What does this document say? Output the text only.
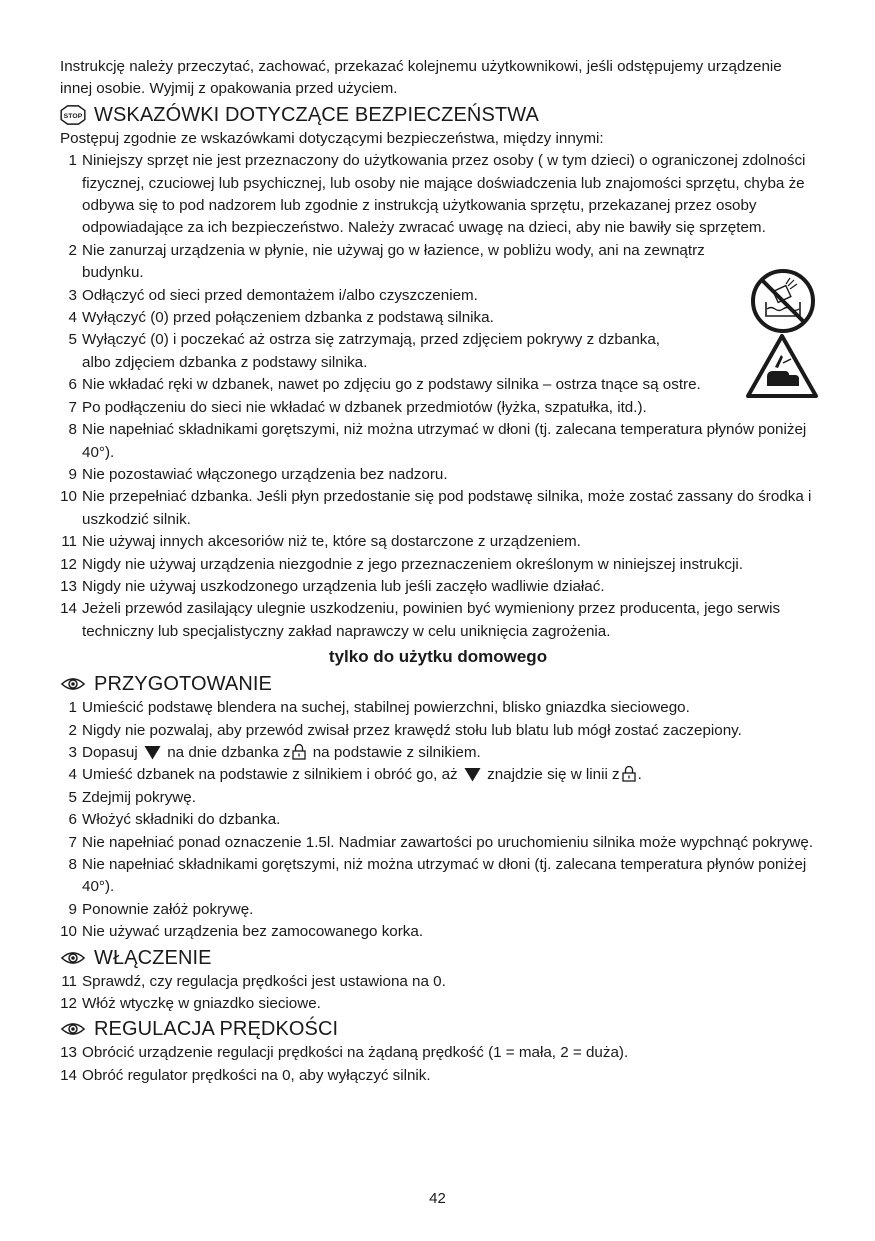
Instrukcję należy przeczytać, zachować, przekazać kolejnemu użytkownikowi, jeśli odstępujemy urządzenie innej osobie. Wyjmij z opakowania przed użyciem.

STOP WSKAZÓWKI DOTYCZĄCE BEZPIECZEŃSTWA

Postępuj zgodnie ze wskazówkami dotyczącymi bezpieczeństwa, między innymi:

1 Niniejszy sprzęt nie jest przeznaczony do użytkowania przez osoby ( w tym dzieci) o ograniczonej zdolności fizycznej, czuciowej lub psychicznej, lub osoby nie mające doświadczenia lub znajomości sprzętu, chyba że odbywa się to pod nadzorem lub zgodnie z instrukcją użytkowania sprzętu, przekazanej przez osoby odpowiadające za ich bezpieczeństwo. Należy zwracać uwagę na dzieci, aby nie bawiły się sprzętem.
2 Nie zanurzaj urządzenia w płynie, nie używaj go w łazience, w pobliżu wody, ani na zewnątrz budynku.
3 Odłączyć od sieci przed demontażem i/albo czyszczeniem.
4 Wyłączyć (0) przed połączeniem dzbanka z podstawą silnika.
5 Wyłączyć (0) i poczekać aż ostrza się zatrzymają, przed zdjęciem pokrywy z dzbanka, albo zdjęciem dzbanka z podstawy silnika.
6 Nie wkładać ręki w dzbanek, nawet po zdjęciu go z podstawy silnika – ostrza tnące są ostre.
7 Po podłączeniu do sieci nie wkładać w dzbanek przedmiotów (łyżka, szpatułka, itd.).
8 Nie napełniać składnikami gorętszymi, niż można utrzymać w dłoni (tj. zalecana temperatura płynów poniżej 40°).
9 Nie pozostawiać włączonego urządzenia bez nadzoru.
10 Nie przepełniać dzbanka. Jeśli płyn przedostanie się pod podstawę silnika, może zostać zassany do środka i uszkodzić silnik.
11 Nie używaj innych akcesoriów niż te, które są dostarczone z urządzeniem.
12 Nigdy nie używaj urządzenia niezgodnie z jego przeznaczeniem określonym w niniejszej instrukcji.
13 Nigdy nie używaj uszkodzonego urządzenia lub jeśli zaczęło wadliwie działać.
14 Jeżeli przewód zasilający ulegnie uszkodzeniu, powinien być wymieniony przez producenta, jego serwis techniczny lub specjalistyczny zakład naprawczy w celu uniknięcia zagrożenia.
tylko do użytku domowego
PRZYGOTOWANIE
1 Umieścić podstawę blendera na suchej, stabilnej powierzchni, blisko gniazdka sieciowego.
2 Nigdy nie pozwalaj, aby przewód zwisał przez krawędź stołu lub blatu lub mógł zostać zaczepiony.
3 Dopasuj na dnie dzbanka z na podstawie z silnikiem.
4 Umieść dzbanek na podstawie z silnikiem i obróć go, aż znajdzie się w linii z .
5 Zdejmij pokrywę.
6 Włożyć składniki do dzbanka.
7 Nie napełniać ponad oznaczenie 1.5l. Nadmiar zawartości po uruchomieniu silnika może wypchnąć pokrywę.
8 Nie napełniać składnikami gorętszymi, niż można utrzymać w dłoni (tj. zalecana temperatura płynów poniżej 40°).
9 Ponownie załóż pokrywę.
10 Nie używać urządzenia bez zamocowanego korka.
WŁĄCZENIE
11 Sprawdź, czy regulacja prędkości jest ustawiona na 0.
12 Włóż wtyczkę w gniazdko sieciowe.
REGULACJA PRĘDKOŚCI
13 Obrócić urządzenie regulacji prędkości na żądaną prędkość (1 = mała, 2 = duża).
14 Obróć regulator prędkości na 0, aby wyłączyć silnik.
42
